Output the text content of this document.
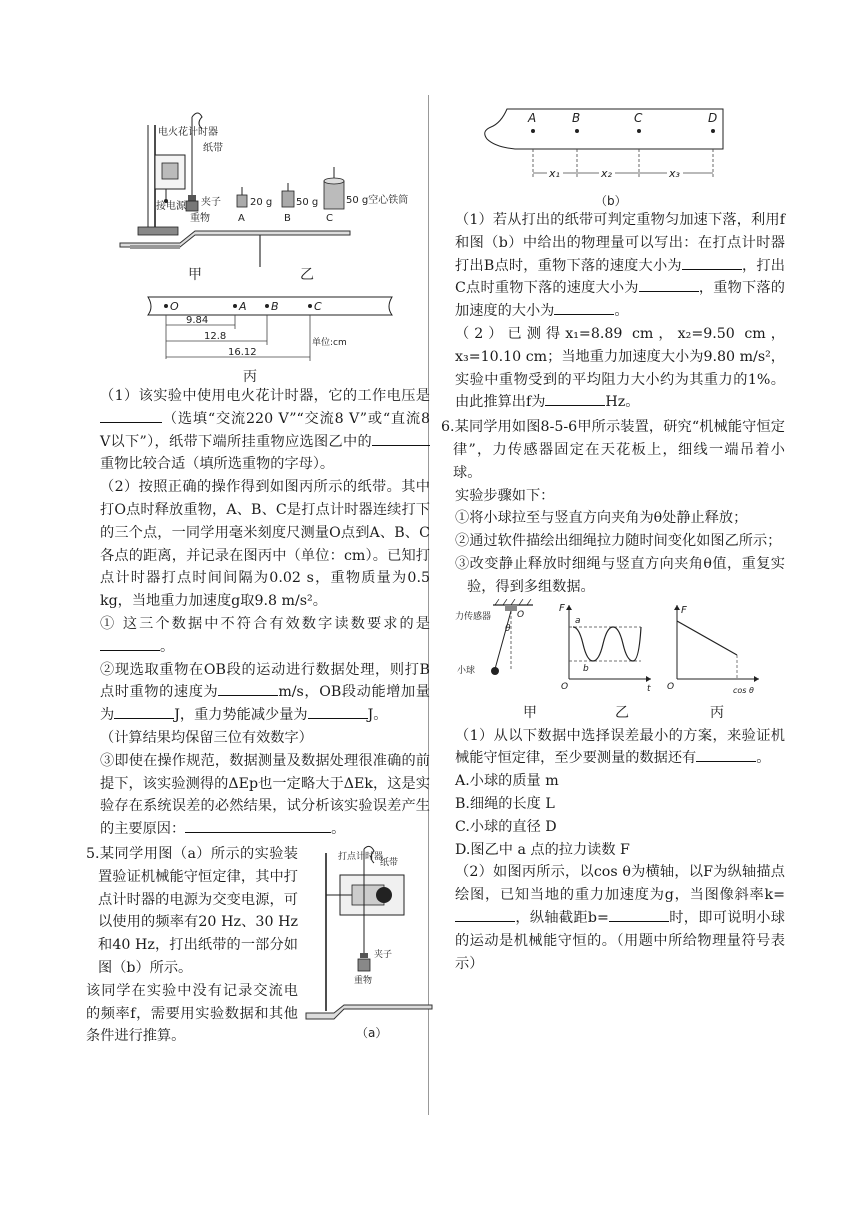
电火花计时器
纸带
接电源 夹子
重物
20 g
A
50 g
B
50 g空心铁筒
C
甲	乙
O	A B	C
9.84
12.8
16.12
单位:cm
丙

（1）该实验中使用电火花计时器，它的工作电压是（选填“交流220 V”“交流8 V”或“直流8 V以下”），纸带下端所挂重物应选图乙中的重物比较合适（填所选重物的字母）。

（2）按照正确的操作得到如图丙所示的纸带。其中打O点时释放重物，A、B、C是打点计时器连续打下的三个点，一同学用毫米刻度尺测量O点到A、B、C各点的距离，并记录在图丙中（单位：cm）。已知打点计时器打点时间间隔为0.02 s，重物质量为0.5 kg，当地重力加速度g取9.8 m/s²。

① 这三个数据中不符合有效数字读数要求的是。

②现选取重物在OB段的运动进行数据处理，则打B点时重物的速度为	m/s，OB段动能增加量为	J，重力势能减少量为	J。
（计算结果均保留三位有效数字）

③即使在操作规范，数据测量及数据处理很准确的前提下，该实验测得的ΔEp也一定略大于ΔEk，这是实验存在系统误差的必然结果，试分析该实验误差产生的主要原因：	。

5.某同学用图（a）所示的实验装置验证机械能守恒定律，其中打点计时器的电源为交变电源，可以使用的频率有20 Hz、30 Hz和40 Hz，打出纸带的一部分如图（b）所示。

该同学在实验中没有记录交流电的频率f，需要用实验数据和其他条件进行推算。

打点计时器
纸带
夹子
重物
（a）
A	B	C	D
x₁	x₂	x₃
（b）

（1）若从打出的纸带可判定重物匀加速下落，利用f和图（b）中给出的物理量可以写出：在打点计时器打出B点时，重物下落的速度大小为	，打出C点时重物下落的速度大小为	，重物下落的加速度的大小为	。

（2）已测得x₁=8.89 cm，x₂=9.50 cm，x₃=10.10 cm；当地重力加速度大小为9.80 m/s²，实验中重物受到的平均阻力大小约为其重力的1%。由此推算出f为	Hz。

6.某同学用如图8-5-6甲所示装置，研究“机械能守恒定律”，力传感器固定在天花板上，细线一端吊着小球。

实验步骤如下：

①将小球拉至与竖直方向夹角为θ处静止释放；

②通过软件描绘出细绳拉力随时间变化如图乙所示；

③改变静止释放时细绳与竖直方向夹角θ值，重复实验，得到多组数据。

O
θ
力传感器
小球
F
a
b
O	t
F
O	cos θ
甲	乙	丙

（1）从以下数据中选择误差最小的方案，来验证机械能守恒定律，至少要测量的数据还有	。

A.小球的质量 m

B.细绳的长度 L

C.小球的直径 D

D.图乙中 a 点的拉力读数 F

（2）如图丙所示，以cos θ为横轴，以F为纵轴描点绘图，已知当地的重力加速度为g，当图像斜率k=，纵轴截距b=	时，即可说明小球的运动是机械能守恒的。（用题中所给物理量符号表示）
